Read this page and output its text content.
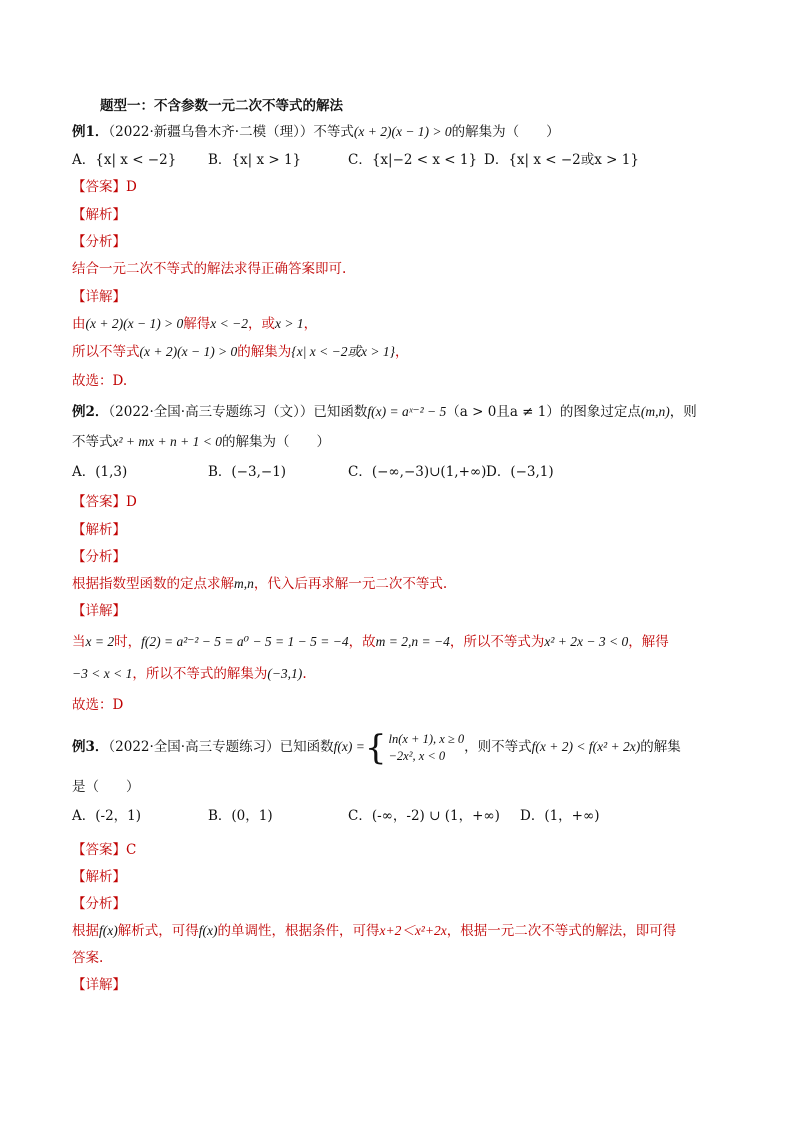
题型一：不含参数一元二次不等式的解法
例1．（2022·新疆乌鲁木齐·二模（理））不等式(x + 2)(x − 1) > 0的解集为（　　）
A．{x| x < −2} B．{x| x > 1}	C．{x|−2 < x < 1} D．{x| x < −2或x > 1}
【答案】D
【解析】
【分析】
结合一元二次不等式的解法求得正确答案即可.
【详解】
由(x + 2)(x − 1) > 0解得x < −2，或x > 1，
所以不等式(x + 2)(x − 1) > 0的解集为{x| x < −2或x > 1}，
故选：D.
例2．（2022·全国·高三专题练习（文））已知函数f(x) = aˣ⁻² − 5（a > 0且a ≠ 1）的图象过定点(m,n)，则
不等式x² + mx + n + 1 < 0的解集为（　　）
A．(1,3)	B．(−3,−1)	C．(−∞,−3)∪(1,+∞) D．(−3,1)
【答案】D
【解析】
【分析】
根据指数型函数的定点求解m,n，代入后再求解一元二次不等式.
【详解】
当x = 2时，f(2) = a²⁻² − 5 = a⁰ − 5 = 1 − 5 = −4，故m = 2,n = −4，所以不等式为x² + 2x − 3 < 0，解得
−3 < x < 1，所以不等式的解集为(−3,1).
故选：D
例3．（2022·全国·高三专题练习）已知函数f(x) = { ln(x + 1), x ≥ 0
−2x², x < 0
，则不等式f(x + 2) < f(x² + 2x)的解集
是（　　）
A．(-2，1)	B．(0，1)	C．(-∞，-2) ∪ (1，+∞) D．(1，+∞)
【答案】C
【解析】
【分析】
根据f(x)解析式，可得f(x)的单调性，根据条件，可得x+2＜x²+2x，根据一元二次不等式的解法，即可得
答案.
【详解】
